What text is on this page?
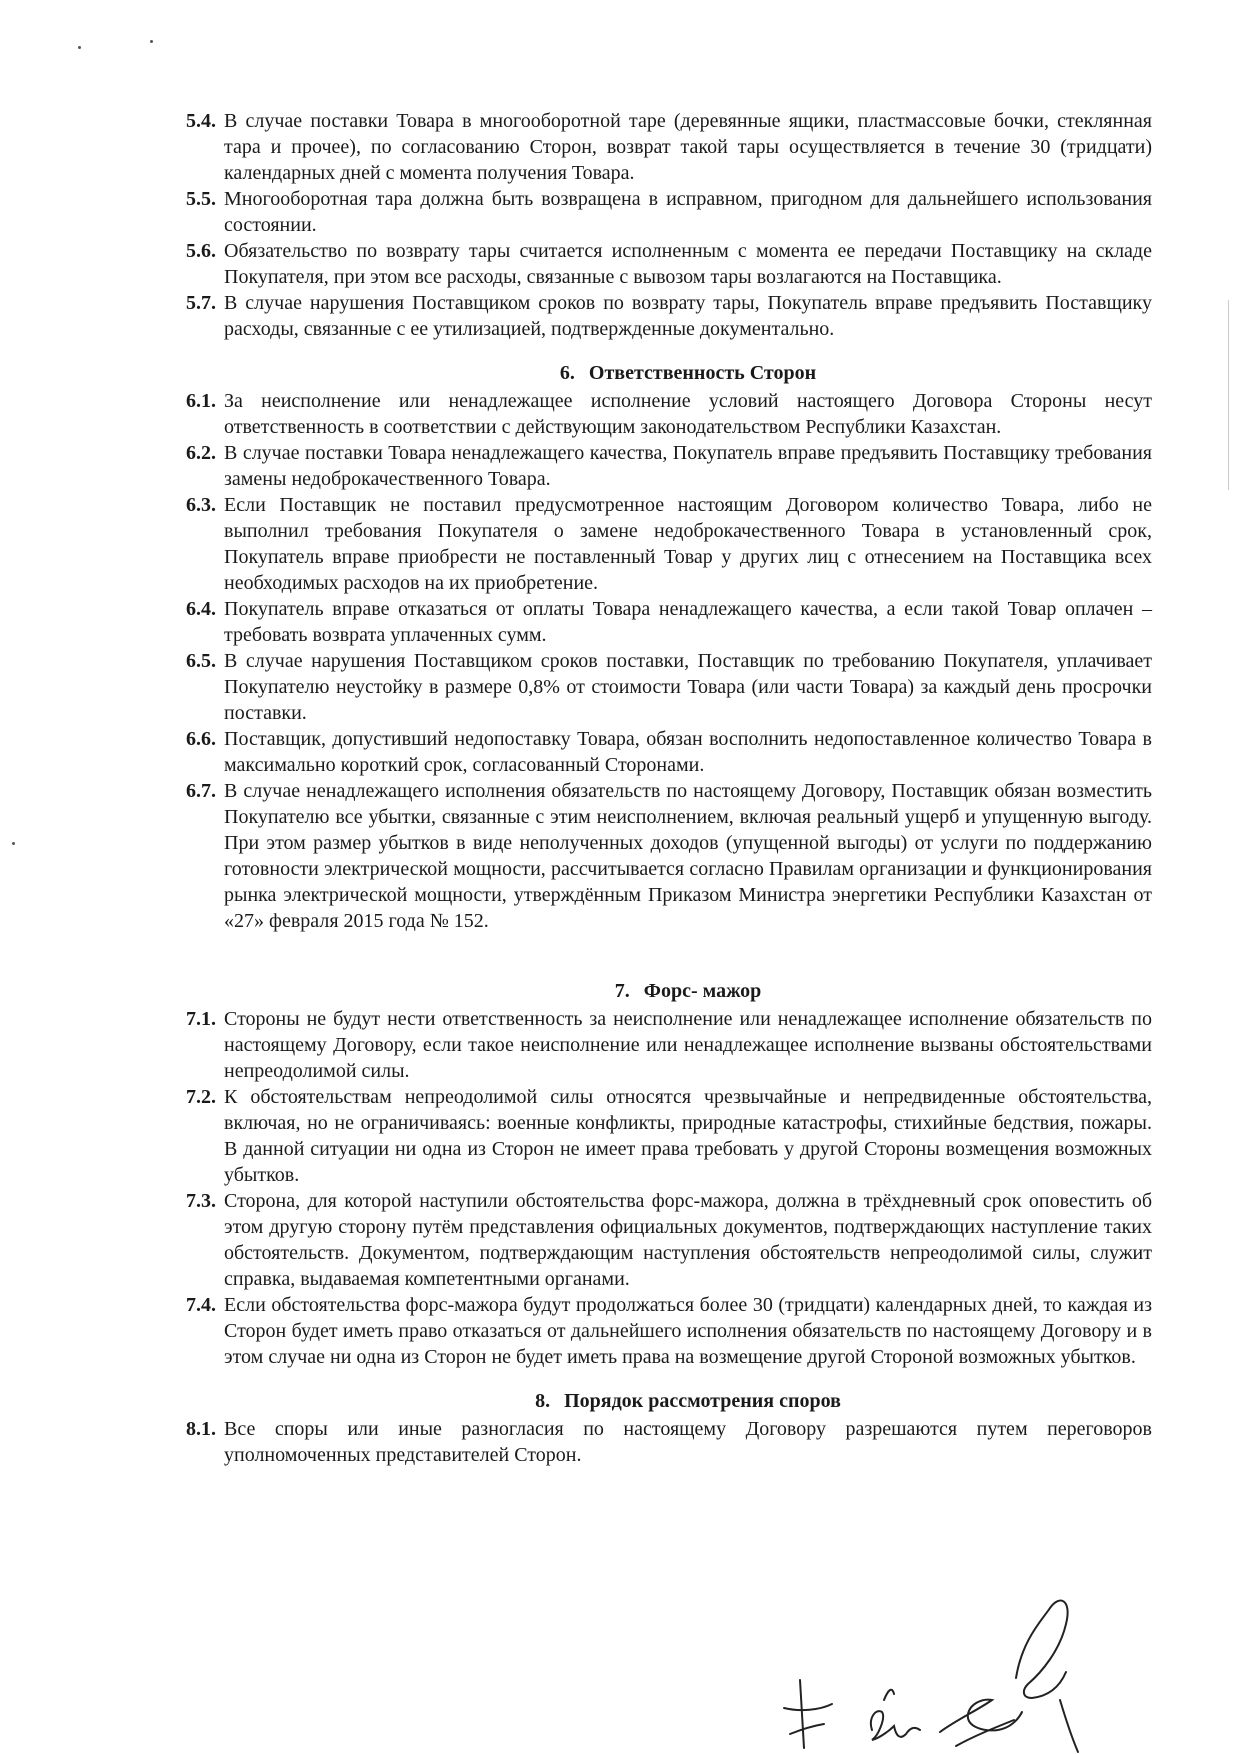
5.4. В случае поставки Товара в многооборотной таре (деревянные ящики, пластмассовые бочки, стеклянная тара и прочее), по согласованию Сторон, возврат такой тары осуществляется в течение 30 (тридцати) календарных дней с момента получения Товара.
5.5. Многооборотная тара должна быть возвращена в исправном, пригодном для дальнейшего использования состоянии.
5.6. Обязательство по возврату тары считается исполненным с момента ее передачи Поставщику на складе Покупателя, при этом все расходы, связанные с вывозом тары возлагаются на Поставщика.
5.7. В случае нарушения Поставщиком сроков по возврату тары, Покупатель вправе предъявить Поставщику расходы, связанные с ее утилизацией, подтвержденные документально.
6. Ответственность Сторон
6.1. За неисполнение или ненадлежащее исполнение условий настоящего Договора Стороны несут ответственность в соответствии с действующим законодательством Республики Казахстан.
6.2. В случае поставки Товара ненадлежащего качества, Покупатель вправе предъявить Поставщику требования замены недоброкачественного Товара.
6.3. Если Поставщик не поставил предусмотренное настоящим Договором количество Товара, либо не выполнил требования Покупателя о замене недоброкачественного Товара в установленный срок, Покупатель вправе приобрести не поставленный Товар у других лиц с отнесением на Поставщика всех необходимых расходов на их приобретение.
6.4. Покупатель вправе отказаться от оплаты Товара ненадлежащего качества, а если такой Товар оплачен – требовать возврата уплаченных сумм.
6.5. В случае нарушения Поставщиком сроков поставки, Поставщик по требованию Покупателя, уплачивает Покупателю неустойку в размере 0,8% от стоимости Товара (или части Товара) за каждый день просрочки поставки.
6.6. Поставщик, допустивший недопоставку Товара, обязан восполнить недопоставленное количество Товара в максимально короткий срок, согласованный Сторонами.
6.7. В случае ненадлежащего исполнения обязательств по настоящему Договору, Поставщик обязан возместить Покупателю все убытки, связанные с этим неисполнением, включая реальный ущерб и упущенную выгоду. При этом размер убытков в виде неполученных доходов (упущенной выгоды) от услуги по поддержанию готовности электрической мощности, рассчитывается согласно Правилам организации и функционирования рынка электрической мощности, утверждённым Приказом Министра энергетики Республики Казахстан от «27» февраля 2015 года № 152.
7. Форс- мажор
7.1. Стороны не будут нести ответственность за неисполнение или ненадлежащее исполнение обязательств по настоящему Договору, если такое неисполнение или ненадлежащее исполнение вызваны обстоятельствами непреодолимой силы.
7.2. К обстоятельствам непреодолимой силы относятся чрезвычайные и непредвиденные обстоятельства, включая, но не ограничиваясь: военные конфликты, природные катастрофы, стихийные бедствия, пожары. В данной ситуации ни одна из Сторон не имеет права требовать у другой Стороны возмещения возможных убытков.
7.3. Сторона, для которой наступили обстоятельства форс-мажора, должна в трёхдневный срок оповестить об этом другую сторону путём представления официальных документов, подтверждающих наступление таких обстоятельств. Документом, подтверждающим наступления обстоятельств непреодолимой силы, служит справка, выдаваемая компетентными органами.
7.4. Если обстоятельства форс-мажора будут продолжаться более 30 (тридцати) календарных дней, то каждая из Сторон будет иметь право отказаться от дальнейшего исполнения обязательств по настоящему Договору и в этом случае ни одна из Сторон не будет иметь права на возмещение другой Стороной возможных убытков.
8. Порядок рассмотрения споров
8.1. Все споры или иные разногласия по настоящему Договору разрешаются путем переговоров уполномоченных представителей Сторон.
